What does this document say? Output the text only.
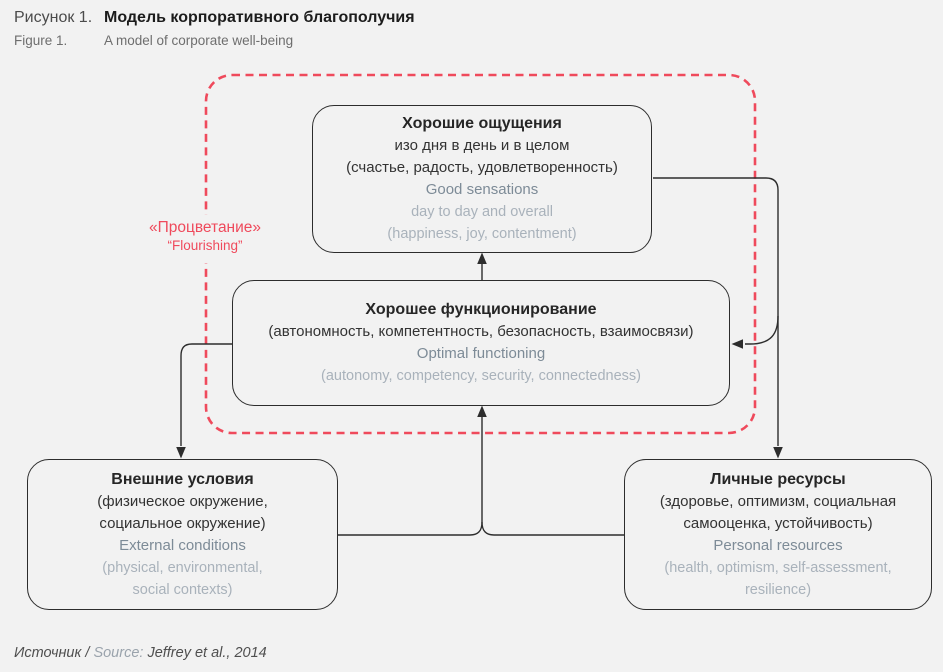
Рисунок 1. Модель корпоративного благополучия
Figure 1.	A model of corporate well-being
Хорошие ощущения
изо дня в день и в целом
(счастье, радость, удовлетворенность)
Good sensations
day to day and overall
(happiness, joy, contentment)
Хорошее функционирование
(автономность, компетентность, безопасность, взаимосвязи)
Optimal functioning
(autonomy, competency, security, connectedness)
Внешние условия
(физическое окружение,
социальное окружение)
External conditions
(physical, environmental,
social contexts)
Личные ресурсы
(здоровье, оптимизм, социальная
самооценка, устойчивость)
Personal resources
(health, optimism, self-assessment,
resilience)
«Процветание»
“Flourishing”
Источник / Source: Jeffrey et al., 2014
